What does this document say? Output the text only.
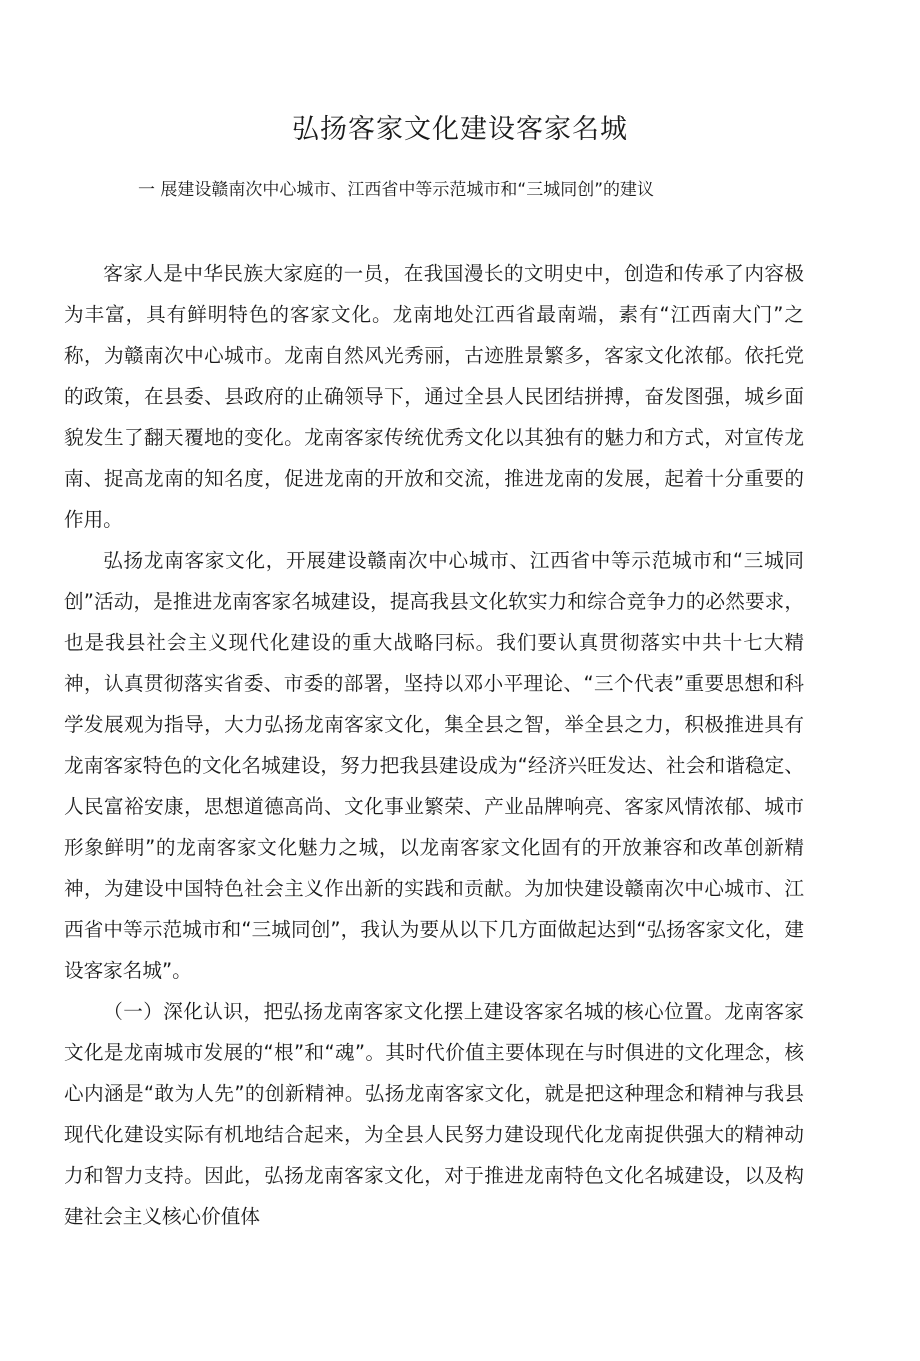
弘扬客家文化建设客家名城
一 展建设赣南次中心城市、江西省中等示范城市和“三城同创”的建议

客家人是中华民族大家庭的一员，在我国漫长的文明史中，创造和传承了内容极为丰富，具有鲜明特色的客家文化。龙南地处江西省最南端，素有“江西南大门”之称，为赣南次中心城市。龙南自然风光秀丽，古迹胜景繁多，客家文化浓郁。依托党的政策，在县委、县政府的止确领导下，通过全县人民团结拼搏，奋发图强，城乡面貌发生了翻天覆地的变化。龙南客家传统优秀文化以其独有的魅力和方式，对宣传龙南、捉高龙南的知名度，促进龙南的开放和交流，推进龙南的发展，起着十分重要的作用。

弘扬龙南客家文化，开展建设赣南次中心城市、江西省中等示范城市和“三城同创”活动，是推进龙南客家名城建设，提高我县文化软实力和综合竞争力的必然要求，也是我县社会主义现代化建设的重大战略冃标。我们要认真贯彻落实中共十七大精神，认真贯彻落实省委、市委的部署，坚持以邓小平理论、“三个代表”重要思想和科学发展观为指导，大力弘扬龙南客家文化，集全县之智，举全县之力，积极推进具有龙南客家特色的文化名城建设，努力把我县建设成为“经济兴旺发达、社会和谐稳定、人民富裕安康，思想道德高尚、文化事业繁荣、产业品牌响亮、客家风情浓郁、城市形象鲜明”的龙南客家文化魅力之城，以龙南客家文化固有的开放兼容和改革创新精神，为建设中国特色社会主义作出新的实践和贡献。为加快建设赣南次中心城市、江西省中等示范城市和“三城同创”，我认为要从以下几方面做起达到“弘扬客家文化，建设客家名城”。

（一）深化认识，把弘扬龙南客家文化摆上建设客家名城的核心位置。龙南客家文化是龙南城市发展的“根”和“魂”。其时代价值主要体现在与时俱进的文化理念，核心内涵是“敢为人先”的创新精神。弘扬龙南客家文化，就是把这种理念和精神与我县现代化建设实际有机地结合起来，为全县人民努力建设现代化龙南捉供强大的精神动力和智力支持。因此，弘扬龙南客家文化，对于推进龙南特色文化名城建设，以及构建社会主义核心价值体
